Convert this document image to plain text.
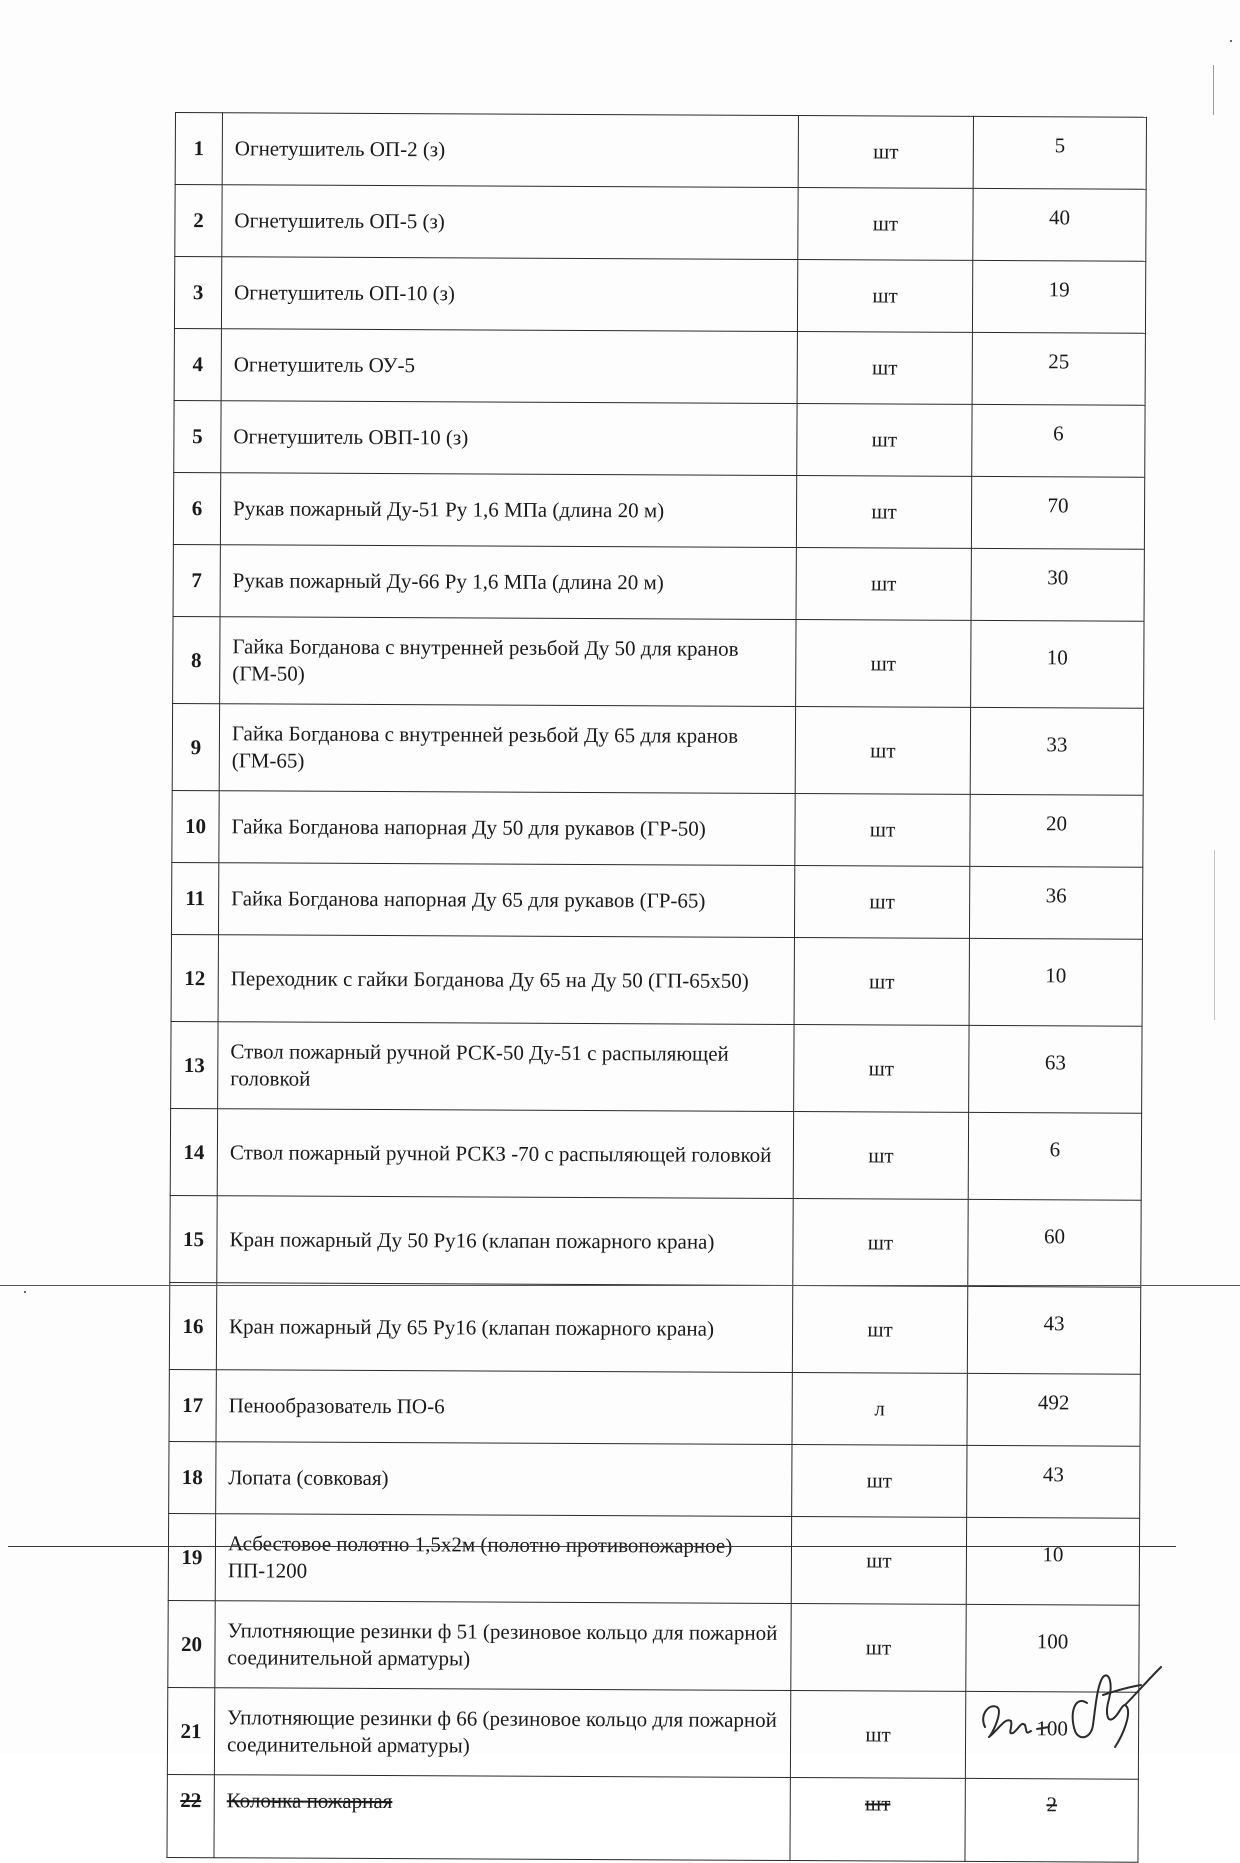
1	Огнетушитель ОП-2 (з)	шт	5
2	Огнетушитель ОП-5 (з)	шт	40
3	Огнетушитель ОП-10 (з)	шт	19
4	Огнетушитель ОУ-5	шт	25
5	Огнетушитель ОВП-10 (з)	шт	6
6	Рукав пожарный Ду-51 Ру 1,6 МПа (длина 20 м)	шт	70
7	Рукав пожарный Ду-66 Ру 1,6 МПа (длина 20 м)	шт	30
8	Гайка Богданова с внутренней резьбой Ду 50 для кранов (ГМ-50)	шт	10
9	Гайка Богданова с внутренней резьбой Ду 65 для кранов (ГМ-65)	шт	33
10	Гайка Богданова напорная Ду 50 для рукавов (ГР-50)	шт	20
11	Гайка Богданова напорная Ду 65 для рукавов (ГР-65)	шт	36
12	Переходник с гайки Богданова Ду 65 на Ду 50 (ГП-65х50)	шт	10
13	Ствол пожарный ручной РСК-50 Ду-51 с распыляющей головкой	шт	63
14	Ствол пожарный ручной РСКЗ -70 с распыляющей головкой	шт	6
15	Кран пожарный Ду 50 Ру16 (клапан пожарного крана)	шт	60
16	Кран пожарный Ду 65 Ру16 (клапан пожарного крана)	шт	43
17	Пенообразователь ПО-6	л	492
18	Лопата (совковая)	шт	43
19	Асбестовое полотно 1,5х2м (полотно противопожарное) ПП-1200	шт	10
20	Уплотняющие резинки ф 51 (резиновое кольцо для пожарной соединительной арматуры)	шт	100
21	Уплотняющие резинки ф 66 (резиновое кольцо для пожарной соединительной арматуры)	шт	100
22	Колонка пожарная	шт	2
